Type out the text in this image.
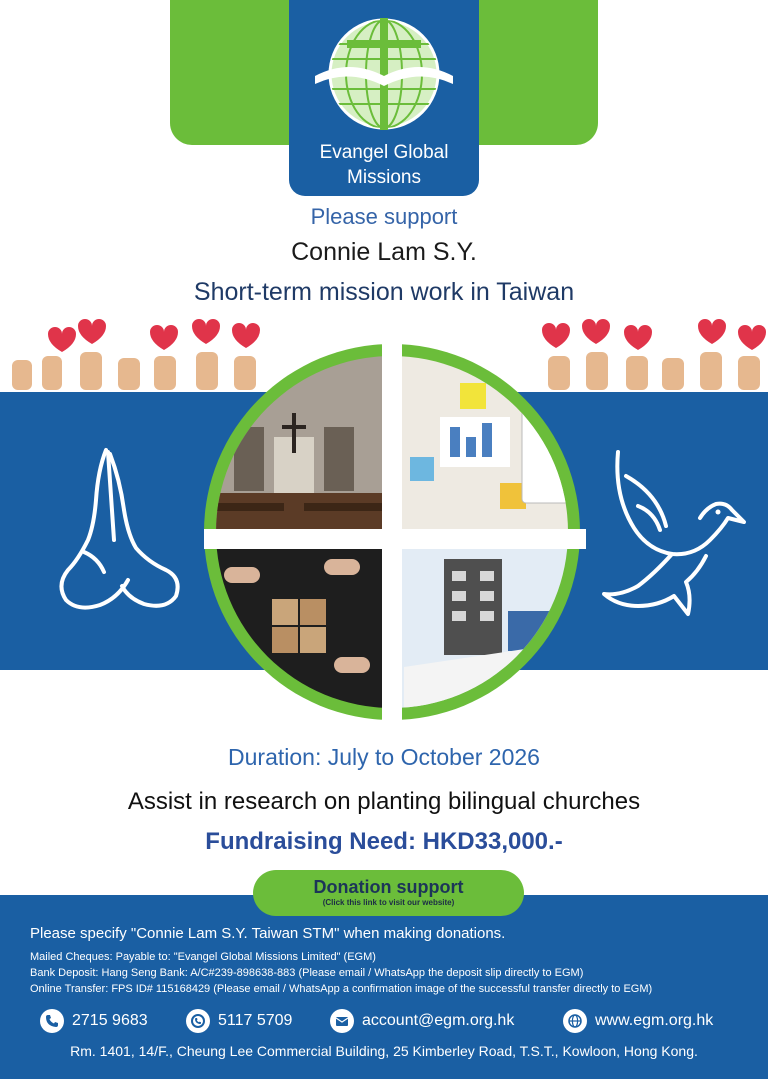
Evangel Global
Missions
Please support
Connie Lam S.Y.
Short-term mission work in Taiwan
Duration: July to October 2026
Assist in research on planting bilingual churches
Fundraising Need: HKD33,000.-
Donation support
(Click this link to visit our website)
Please specify "Connie Lam S.Y. Taiwan STM" when making donations.
Mailed Cheques: Payable to: "Evangel Global Missions Limited" (EGM)
Bank Deposit: Hang Seng Bank: A/C#239-898638-883 (Please email / WhatsApp the deposit slip directly to EGM)
Online Transfer: FPS ID# 115168429 (Please email / WhatsApp a confirmation image of the successful transfer directly to EGM)
2715 9683	5117 5709	account@egm.org.hk	www.egm.org.hk
Rm. 1401, 14/F., Cheung Lee Commercial Building, 25 Kimberley Road, T.S.T., Kowloon, Hong Kong.
